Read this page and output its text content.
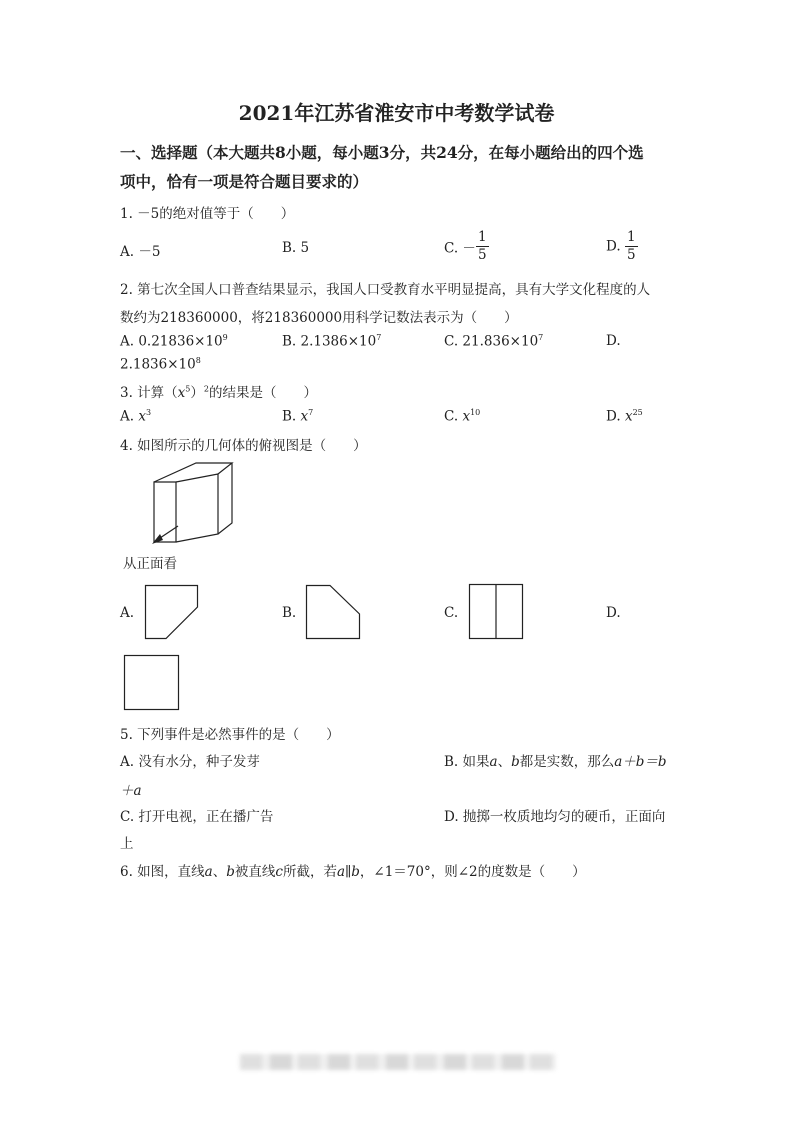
2021年江苏省淮安市中考数学试卷
一、选择题（本大题共8小题，每小题3分，共24分，在每小题给出的四个选
项中，恰有一项是符合题目要求的）
1. －5的绝对值等于（　　）
A. －5	B. 5	C. － $\frac{1}{5}$	D. $\frac{1}{5}$
2. 第七次全国人口普查结果显示，我国人口受教育水平明显提高，具有大学文化程度的人
数约为218360000，将218360000用科学记数法表示为（　　）
A. $0.21836\times 10^9$	B. $2.1386\times 10^7$	C. $21.836\times 10^7$	D.
$2.1836\times 10^8$
3. 计算$(x^5)^2$的结果是（　　）
A. $x^3$	B. $x^7$	C. $x^{10}$	D. $x^{25}$
4. 如图所示的几何体的俯视图是（　　）
从正面看
A.	B.	C.	D.
5. 下列事件是必然事件的是（　　）
A. 没有水分，种子发芽	B. 如果a、b都是实数，那么a＋b＝b
＋a
C. 打开电视，正在播广告	D. 抛掷一枚质地均匀的硬币，正面向
上
6. 如图，直线a、b被直线c所截，若a∥b，∠1＝70°，则∠2的度数是（　　）
